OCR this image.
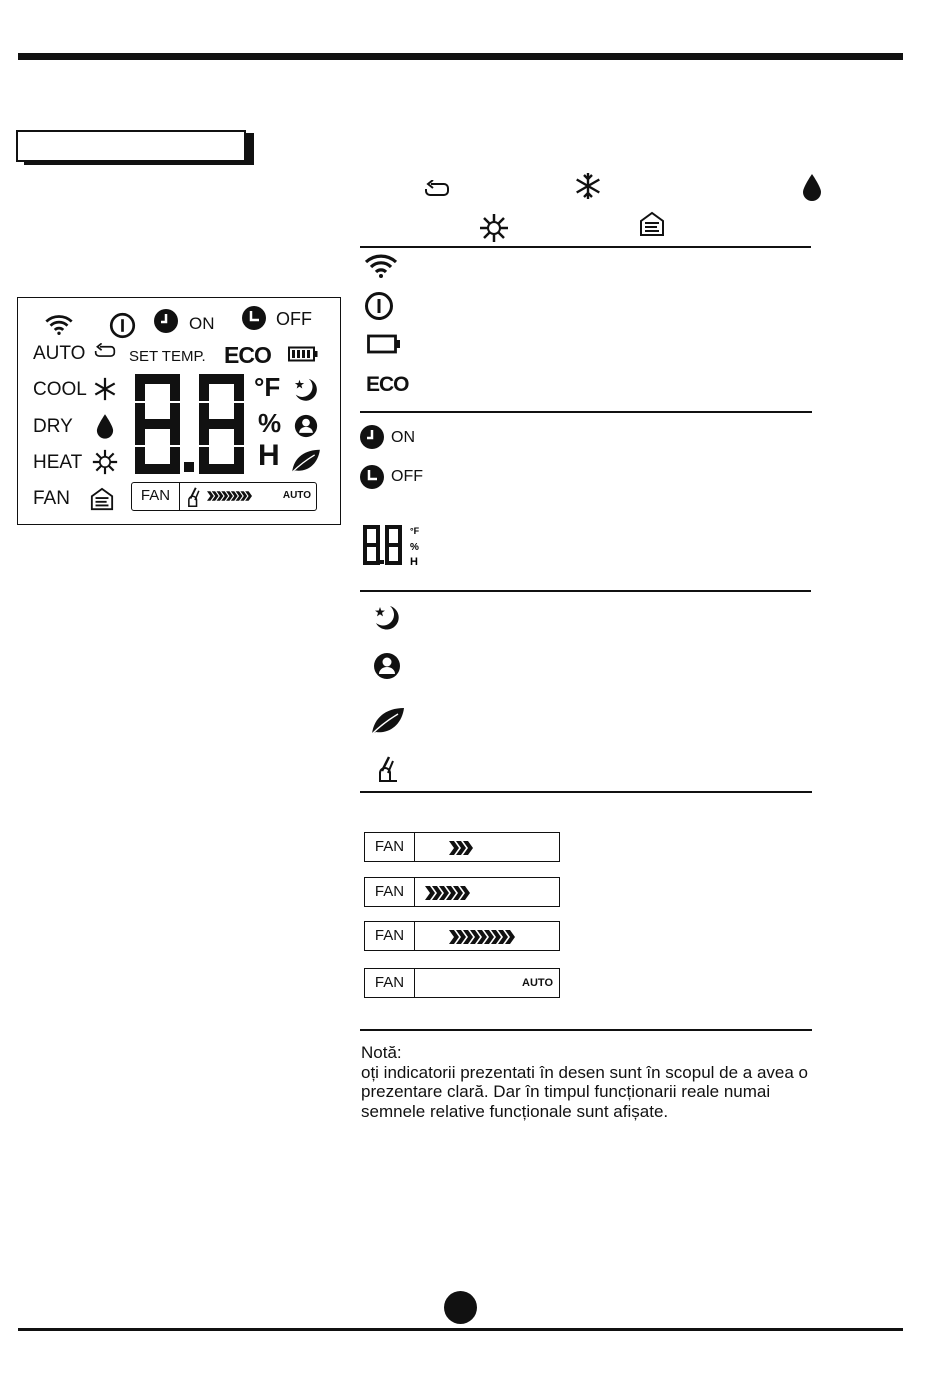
ECO
ON
OFF
°F
%
H
FAN
FAN
FAN
FAN	AUTO
Notă:
oți indicatorii prezentati în desen sunt în scopul de a avea o prezentare clară. Dar în timpul funcționarii reale numai semnele relative funcționale sunt afișate.
ON	OFF
AUTO	SET TEMP. ECO
COOL
DRY
HEAT
FAN
°F
%
H
FAN	AUTO
